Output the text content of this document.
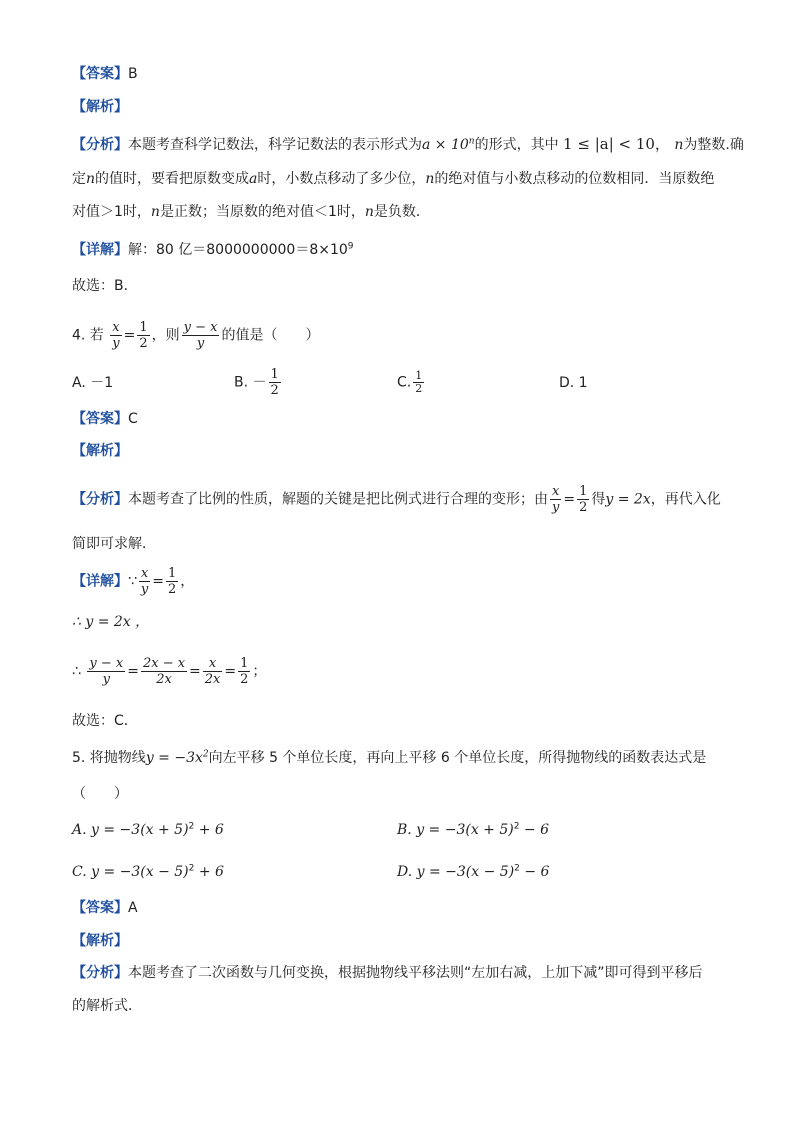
【答案】B
【解析】
【分析】本题考查科学记数法，科学记数法的表示形式为$a \times 10^n$的形式，其中 1 ≤ |a| < 10， n为整数.确
定n的值时，要看把原数变成a时，小数点移动了多少位，n的绝对值与小数点移动的位数相同．当原数绝
对值＞1时，n是正数；当原数的绝对值＜1时，n是负数．
【详解】解：80 亿$=8000000000=8\times 10^9$
故选：B．
4. 若 $\frac{x}{y} = \frac{1}{2}$ ，则 $\frac{y - x}{y}$ 的值是（　　）
A. －1	B. － $\frac{1}{2}$	C. $\frac{1}{2}$	D. 1
【答案】C
【解析】
【分析】本题考查了比例的性质，解题的关键是把比例式进行合理的变形；由 $\frac{x}{y} = \frac{1}{2}$ 得y = 2x，再代入化
简即可求解．
【详解】∵ $\frac{x}{y} = \frac{1}{2}$ ，
∴ y = 2x ，
∴ $\frac{y - x}{y} = \frac{2x - x}{2x} = \frac{x}{2x} = \frac{1}{2}$ ；
故选：C．
5. 将抛物线$y = -3x^2$向左平移 5 个单位长度，再向上平移 6 个单位长度，所得抛物线的函数表达式是
（　　）
A. $y = -3(x + 5)^2 + 6$	B. $y = -3(x + 5)^2 - 6$
C. $y = -3(x - 5)^2 + 6$	D. $y = -3(x - 5)^2 - 6$
【答案】A
【解析】
【分析】本题考查了二次函数与几何变换，根据抛物线平移法则“左加右减，上加下减”即可得到平移后
的解析式．
